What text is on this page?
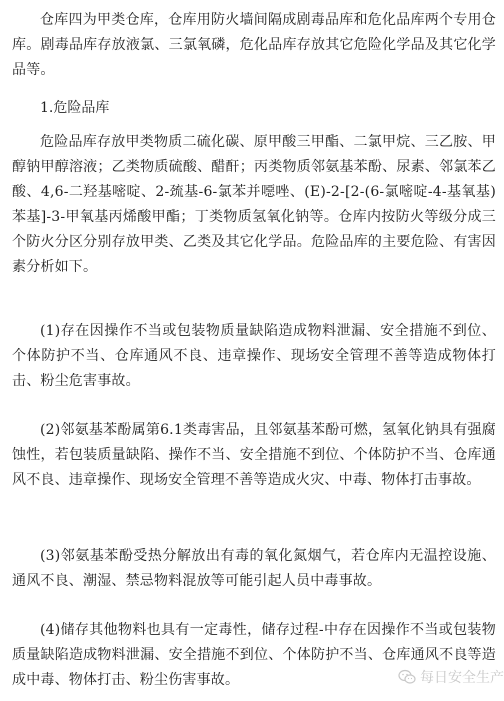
仓库四为甲类仓库，仓库用防火墙间隔成剧毒品库和危化品库两个专用仓库。剧毒品库存放液氯、三氯氧磷，危化品库存放其它危险化学品及其它化学品等。

1.危险品库

危险品库存放甲类物质二硫化碳、原甲酸三甲酯、二氯甲烷、三乙胺、甲醇钠甲醇溶液；乙类物质硫酸、醋酐；丙类物质邻氨基苯酚、尿素、邻氯苯乙酸、4,6-二羟基嘧啶、2-巯基-6-氯苯并噁唑、(E)-2-[2-(6-氯嘧啶-4-基氧基)苯基]-3-甲氧基丙烯酸甲酯；丁类物质氢氧化钠等。仓库内按防火等级分成三个防火分区分别存放甲类、乙类及其它化学品。危险品库的主要危险、有害因素分析如下。

(1)存在因操作不当或包装物质量缺陷造成物料泄漏、安全措施不到位、个体防护不当、仓库通风不良、违章操作、现场安全管理不善等造成物体打击、粉尘危害事故。

(2)邻氨基苯酚属第6.1类毒害品，且邻氨基苯酚可燃，氢氧化钠具有强腐蚀性，若包装质量缺陷、操作不当、安全措施不到位、个体防护不当、仓库通风不良、违章操作、现场安全管理不善等造成火灾、中毒、物体打击事故。

(3)邻氨基苯酚受热分解放出有毒的氧化氮烟气，若仓库内无温控设施、通风不良、潮湿、禁忌物料混放等可能引起人员中毒事故。

(4)储存其他物料也具有一定毒性，储存过程-中存在因操作不当或包装物质量缺陷造成物料泄漏、安全措施不到位、个体防护不当、仓库通风不良等造成中毒、物体打击、粉尘伤害事故。	每日安全生产
